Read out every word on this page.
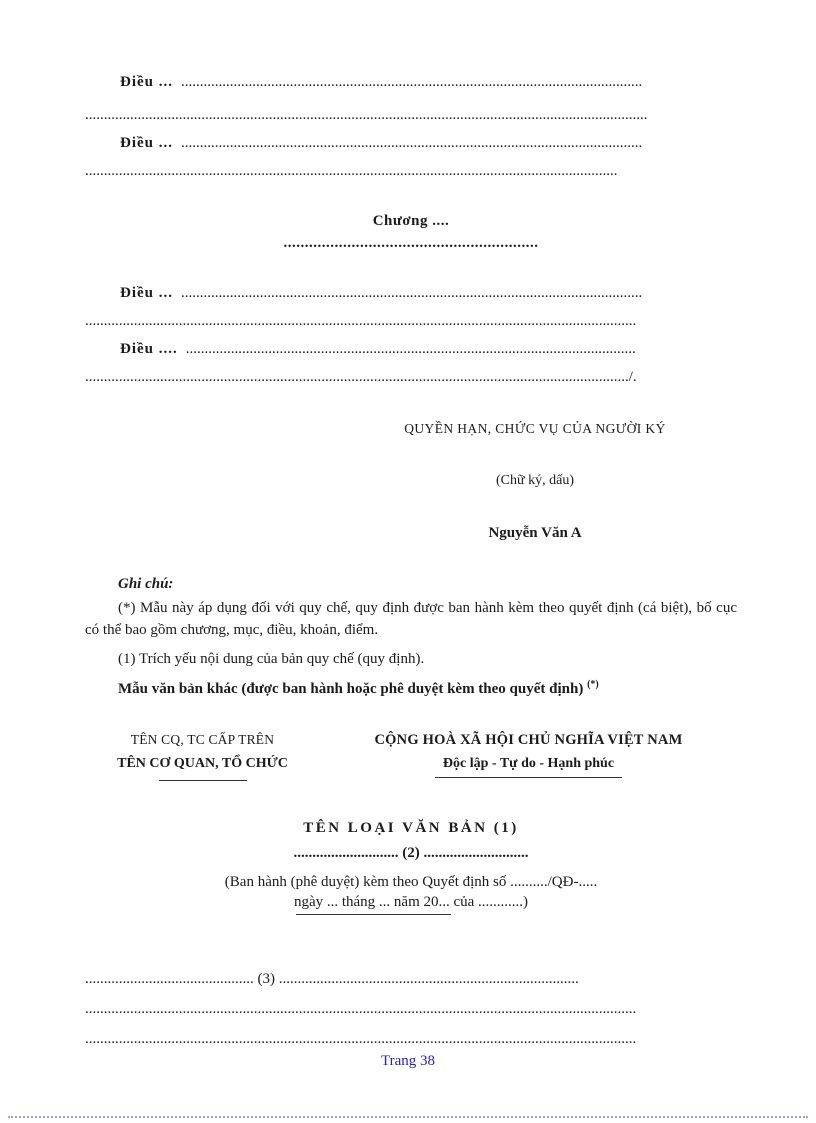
Điều ... ...........................................................................................................................

......................................................................................................................................................

Điều ... ...........................................................................................................................

..............................................................................................................................................

Chương ....

............................................................

Điều ... ...........................................................................................................................

...................................................................................................................................................

Điều .... ........................................................................................................................

................................................................................................................................................./.

QUYỀN HẠN, CHỨC VỤ CỦA NGƯỜI KÝ

(Chữ ký, dấu)

Nguyễn Văn A

Ghi chú:

(*) Mẫu này áp dụng đối với quy chế, quy định được ban hành kèm theo quyết định (cá biệt), bố cục có thể bao gồm chương, mục, điều, khoản, điểm.

(1) Trích yếu nội dung của bản quy chế (quy định).

Mẫu văn bản khác (được ban hành hoặc phê duyệt kèm theo quyết định) (*)

TÊN CQ, TC CẤP TRÊN

TÊN CƠ QUAN, TỔ CHỨC

CỘNG HOÀ XÃ HỘI CHỦ NGHĨA VIỆT NAM

Độc lập - Tự do - Hạnh phúc

TÊN LOẠI VĂN BẢN (1)

............................ (2) ............................

(Ban hành (phê duyệt) kèm theo Quyết định số ........../QĐ-.....

ngày ... tháng ... năm 20... của ............)

............................................. (3) ................................................................................

...................................................................................................................................................

...................................................................................................................................................

Trang 38
